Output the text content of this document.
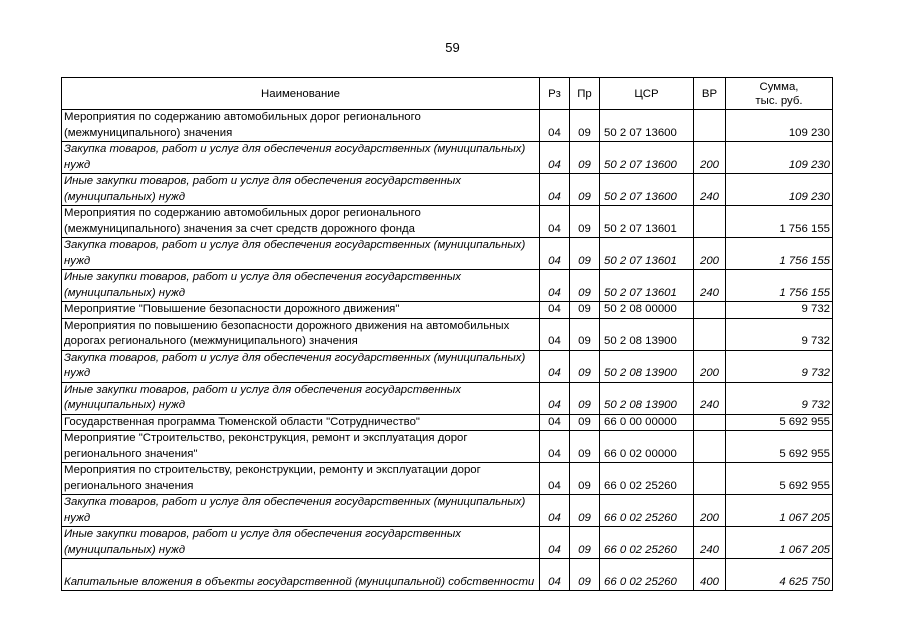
59
Наименование	Рз	Пр	ЦСР	ВР	Сумма,
тыс. руб.

Мероприятия по содержанию автомобильных дорог регионального (межмуниципального) значения	04	09	50 2 07 13600		109 230
Закупка товаров, работ и услуг для обеспечения государственных (муниципальных) нужд	04	09	50 2 07 13600	200	109 230
Иные закупки товаров, работ и услуг для обеспечения государственных (муниципальных) нужд	04	09	50 2 07 13600	240	109 230
Мероприятия по содержанию автомобильных дорог регионального (межмуниципального) значения за счет средств дорожного фонда	04	09	50 2 07 13601		1 756 155
Закупка товаров, работ и услуг для обеспечения государственных (муниципальных) нужд	04	09	50 2 07 13601	200	1 756 155
Иные закупки товаров, работ и услуг для обеспечения государственных (муниципальных) нужд	04	09	50 2 07 13601	240	1 756 155
Мероприятие "Повышение безопасности дорожного движения"	04	09	50 2 08 00000		9 732
Мероприятия по повышению безопасности дорожного движения на автомобильных дорогах регионального (межмуниципального) значения	04	09	50 2 08 13900		9 732
Закупка товаров, работ и услуг для обеспечения государственных (муниципальных) нужд	04	09	50 2 08 13900	200	9 732
Иные закупки товаров, работ и услуг для обеспечения государственных (муниципальных) нужд	04	09	50 2 08 13900	240	9 732
Государственная программа Тюменской области "Сотрудничество"	04	09	66 0 00 00000		5 692 955
Мероприятие "Строительство, реконструкция, ремонт и эксплуатация дорог регионального значения"	04	09	66 0 02 00000		5 692 955
Мероприятия по строительству, реконструкции, ремонту и эксплуатации дорог регионального значения	04	09	66 0 02 25260		5 692 955
Закупка товаров, работ и услуг для обеспечения государственных (муниципальных) нужд	04	09	66 0 02 25260	200	1 067 205
Иные закупки товаров, работ и услуг для обеспечения государственных (муниципальных) нужд	04	09	66 0 02 25260	240	1 067 205
Капитальные вложения в объекты государственной (муниципальной) собственности	04	09	66 0 02 25260	400	4 625 750
